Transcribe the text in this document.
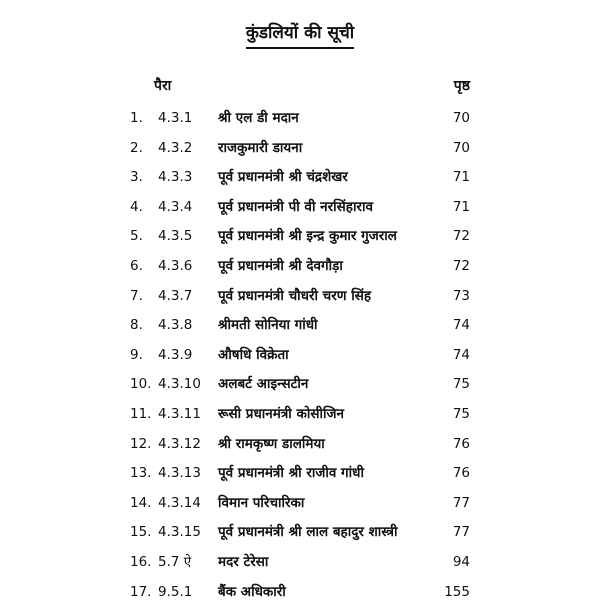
कुंडलियों की सूची
पैरा	पृष्ठ
1. 4.3.1 श्री एल डी मदान	70
2. 4.3.2 राजकुमारी डायना	70
3. 4.3.3 पूर्व प्रधानमंत्री श्री चंद्रशेखर	71
4. 4.3.4 पूर्व प्रधानमंत्री पी वी नरसिंहाराव	71
5. 4.3.5 पूर्व प्रधानमंत्री श्री इन्द्र कुमार गुजराल	72
6. 4.3.6 पूर्व प्रधानमंत्री श्री देवगौड़ा	72
7. 4.3.7 पूर्व प्रधानमंत्री चौधरी चरण सिंह	73
8. 4.3.8 श्रीमती सोनिया गांधी	74
9. 4.3.9 औषधि विक्रेता	74
10. 4.3.10 अलबर्ट आइन्सटीन	75
11. 4.3.11 रूसी प्रधानमंत्री कोसीजिन	75
12. 4.3.12 श्री रामकृष्ण डालमिया	76
13. 4.3.13 पूर्व प्रधानमंत्री श्री राजीव गांधी	76
14. 4.3.14 विमान परिचारिका	77
15. 4.3.15 पूर्व प्रधानमंत्री श्री लाल बहादुर शास्त्री	77
16. 5.7 ऐ मदर टेरेसा	94
17. 9.5.1 बैंक अधिकारी	155
